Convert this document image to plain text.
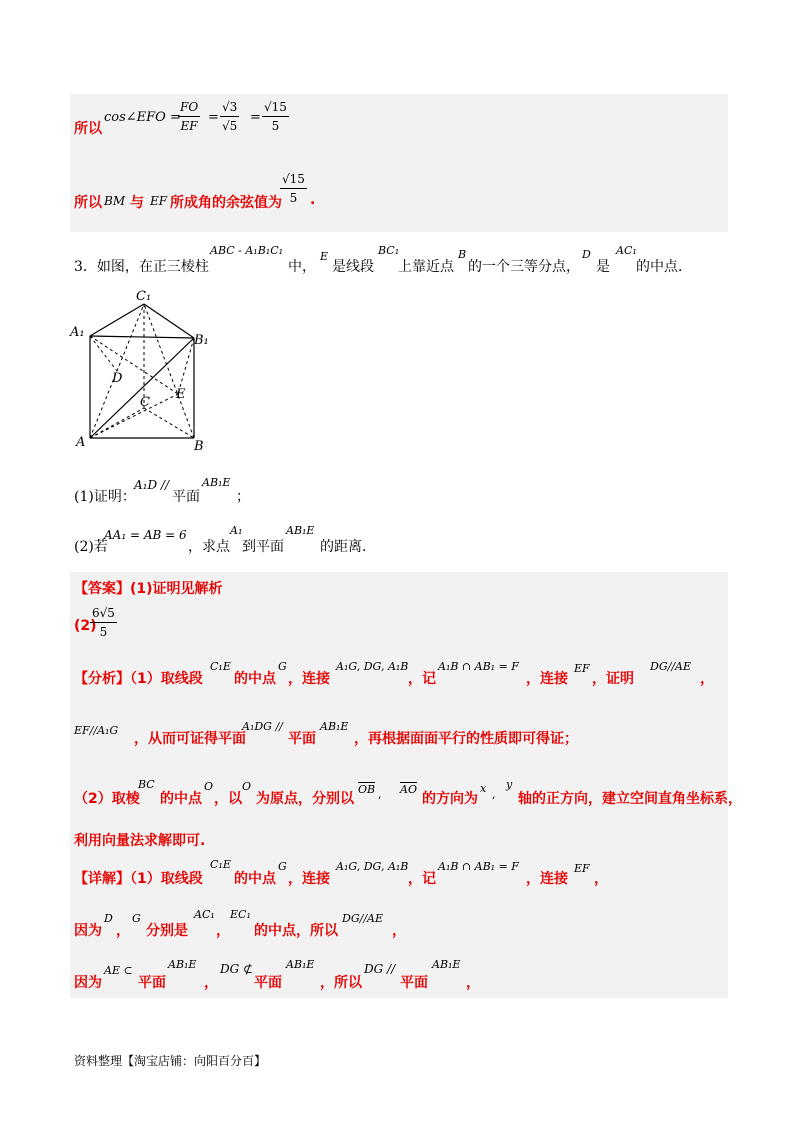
所以
cos∠EFO =
$\frac{FO}{EF} = \frac{√3}{√5} = \frac{√15}{5}$
所以 BM 与 EF 所成角的余弦值为
$\frac{√15}{5}$ .
3．如图，在正三棱柱
ABC - A₁B₁C₁
中，
E
是线段
BC₁
上靠近点
B
的一个三等分点，
D
是
AC₁
的中点.
C₁
A₁
B₁
D
C
E
A	B
(1)证明：
A₁D //
平面
AB₁E
；
(2)若
AA₁ = AB = 6
，求点
A₁
到平面
AB₁E
的距离.
【答案】(1)证明见解析
(2)
$\frac{6√5}{5}$
【分析】（1）取线段
C₁E
的中点
G
，连接
A₁G, DG, A₁B
，记
A₁B ∩ AB₁ = F
，连接
EF
，证明
DG//AE
，
EF//A₁G
，从而可证得平面
A₁DG //
平面
AB₁E
，再根据面面平行的性质即可得证；
（2）取棱
BC
的中点
O
，以
O
为原点，分别以
OB , AO
的方向为
x ,
y
轴的正方向，建立空间直角坐标系，
利用向量法求解即可.
【详解】（1）取线段
C₁E
的中点
G
，连接
A₁G, DG, A₁B
，记
A₁B ∩ AB₁ = F
，连接
EF
，
因为
D
，
G
分别是
AC₁
，
EC₁
的中点，所以
DG//AE
，
因为
AE ⊂
平面
AB₁E
，
DG ⊄
平面
AB₁E
，所以
DG //
平面
AB₁E
，
资料整理【淘宝店铺：向阳百分百】
